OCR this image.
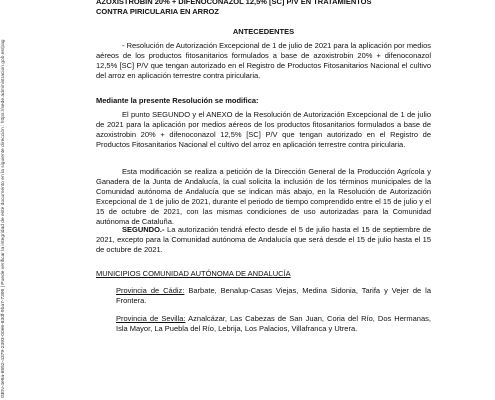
GEN-4e9a-8552-4379-2393-00e6-83df-9ba7-7395 | Puede verificar la integridad de este documento en la siguiente dirección : https://sede.administracion.gob.es/pag
AZOXISTROBIN 20% + DIFENOCONAZOL 12,5% [SC] P/V EN TRATAMIENTOS
CONTRA PIRICULARIA EN ARROZ
ANTECEDENTES
- Resolución de Autorización Excepcional de 1 de julio de 2021 para la aplicación por medios aéreos de los productos fitosanitarios formulados a base de azoxistrobin 20% + difenoconazol 12,5% [SC] P/V que tengan autorizado en el Registro de Productos Fitosanitarios Nacional el cultivo del arroz en aplicación terrestre contra piricularia.
Mediante la presente Resolución se modifica:
El punto SEGUNDO y el ANEXO de la Resolución de Autorización Excepcional de 1 de julio de 2021 para la aplicación por medios aéreos de los productos fitosanitarios formulados a base de azoxistrobin 20% + difenoconazol 12,5% [SC] P/V que tengan autorizado en el Registro de Productos Fitosanitarios Nacional el cultivo del arroz en aplicación terrestre contra piricularia.
Esta modificación se realiza a petición de la Dirección General de la Producción Agrícola y Ganadera de la Junta de Andalucía, la cual solicita la inclusión de los términos municipales de la Comunidad autónoma de Andalucía que se indican más abajo, en la Resolución de Autorización Excepcional de 1 de julio de 2021, durante el periodo de tiempo comprendido entre el 15 de julio y el 15 de octubre de 2021, con las mismas condiciones de uso autorizadas para la Comunidad autónoma de Cataluña.
SEGUNDO.- La autorización tendrá efecto desde el 5 de julio hasta el 15 de septiembre de 2021, excepto para la Comunidad autónoma de Andalucía que será desde el 15 de julio hasta el 15 de octubre de 2021.
MUNICIPIOS COMUNIDAD AUTÓNOMA DE ANDALUCÍA
Provincia de Cádiz: Barbate, Benalup-Casas Viejas, Medina Sidonia, Tarifa y Vejer de la Frontera.
Provincia de Sevilla: Aznalcázar, Las Cabezas de San Juan, Coria del Río, Dos Hermanas, Isla Mayor, La Puebla del Río, Lebrija, Los Palacios, Villafranca y Utrera.
